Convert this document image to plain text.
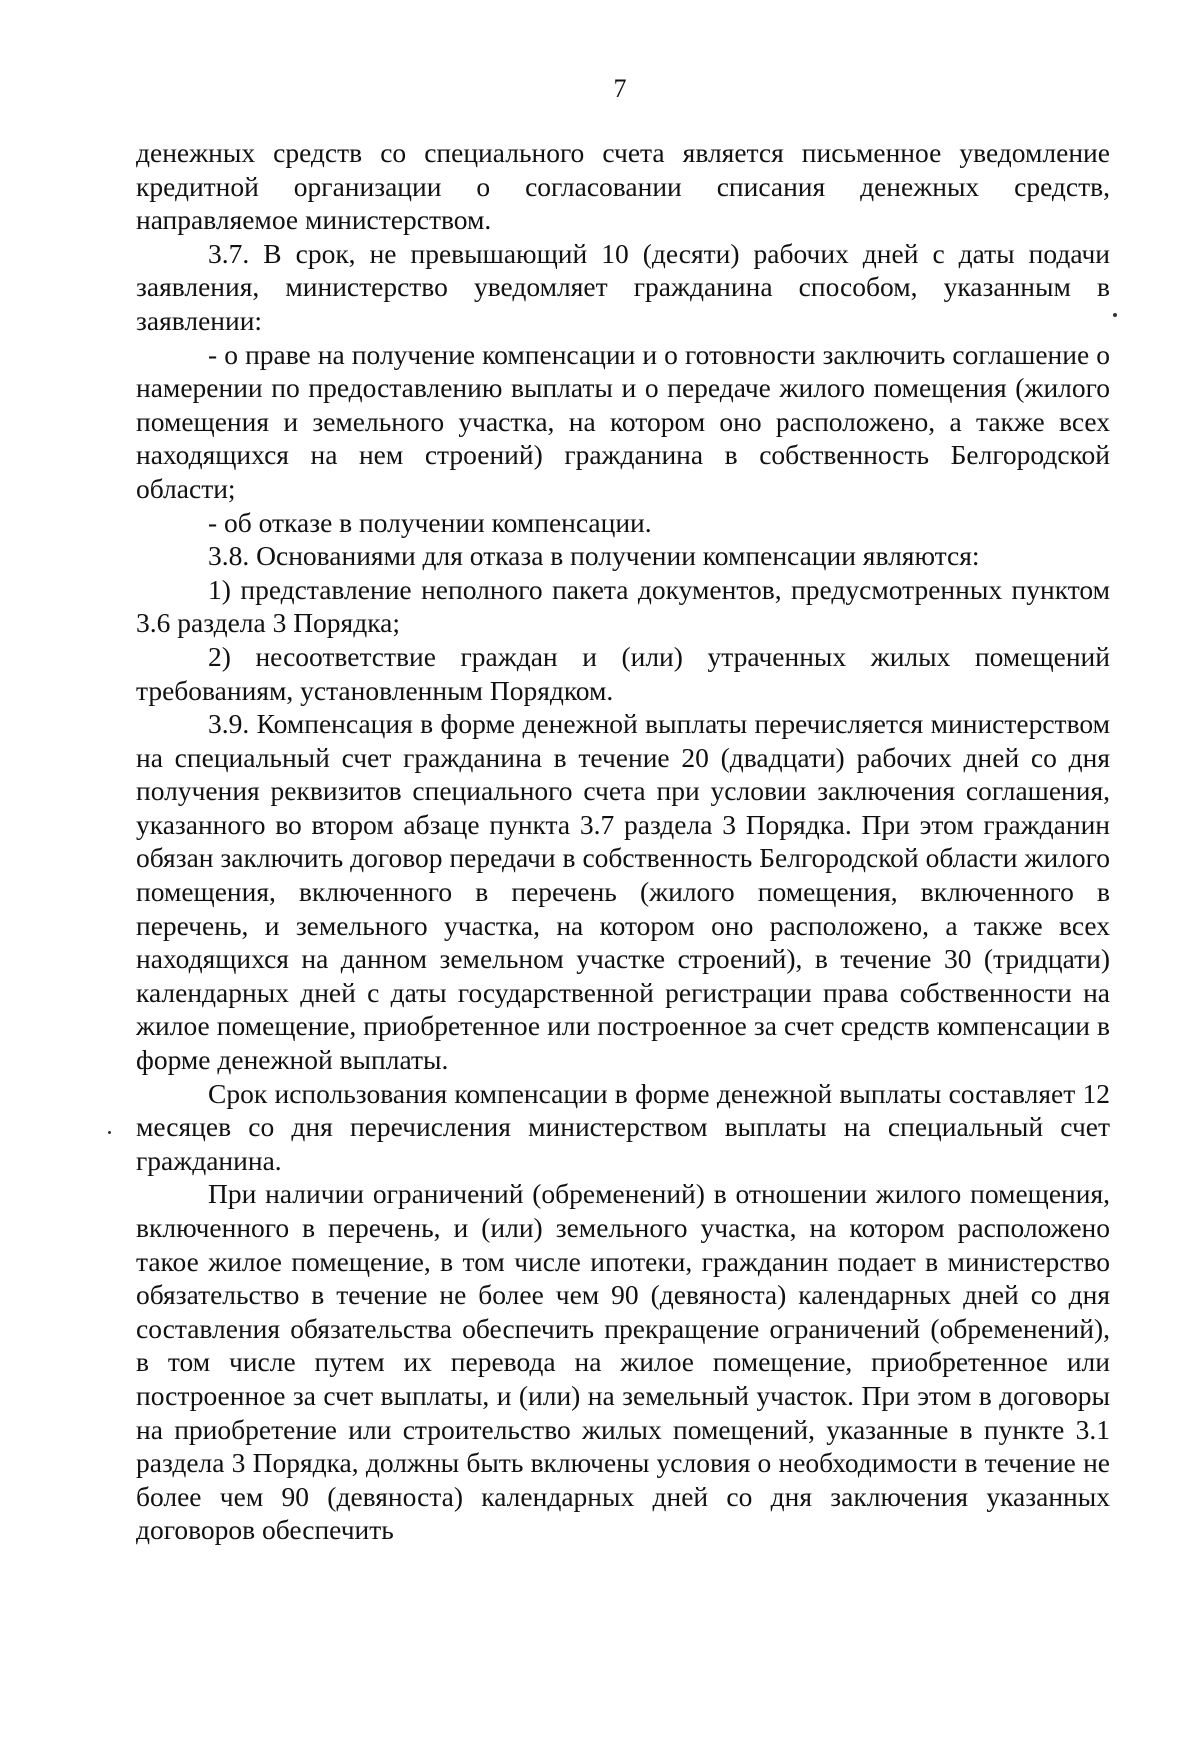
7

денежных средств со специального счета является письменное уведомление кредитной организации о согласовании списания денежных средств, направляемое министерством.

3.7. В срок, не превышающий 10 (десяти) рабочих дней с даты подачи заявления, министерство уведомляет гражданина способом, указанным в заявлении:

- о праве на получение компенсации и о готовности заключить соглашение о намерении по предоставлению выплаты и о передаче жилого помещения (жилого помещения и земельного участка, на котором оно расположено, а также всех находящихся на нем строений) гражданина в собственность Белгородской области;

- об отказе в получении компенсации.

3.8. Основаниями для отказа в получении компенсации являются:

1) представление неполного пакета документов, предусмотренных пунктом 3.6 раздела 3 Порядка;

2) несоответствие граждан и (или) утраченных жилых помещений требованиям, установленным Порядком.

3.9. Компенсация в форме денежной выплаты перечисляется министерством на специальный счет гражданина в течение 20 (двадцати) рабочих дней со дня получения реквизитов специального счета при условии заключения соглашения, указанного во втором абзаце пункта 3.7 раздела 3 Порядка. При этом гражданин обязан заключить договор передачи в собственность Белгородской области жилого помещения, включенного в перечень (жилого помещения, включенного в перечень, и земельного участка, на котором оно расположено, а также всех находящихся на данном земельном участке строений), в течение 30 (тридцати) календарных дней с даты государственной регистрации права собственности на жилое помещение, приобретенное или построенное за счет средств компенсации в форме денежной выплаты.

Срок использования компенсации в форме денежной выплаты составляет 12 месяцев со дня перечисления министерством выплаты на специальный счет гражданина.

При наличии ограничений (обременений) в отношении жилого помещения, включенного в перечень, и (или) земельного участка, на котором расположено такое жилое помещение, в том числе ипотеки, гражданин подает в министерство обязательство в течение не более чем 90 (девяноста) календарных дней со дня составления обязательства обеспечить прекращение ограничений (обременений), в том числе путем их перевода на жилое помещение, приобретенное или построенное за счет выплаты, и (или) на земельный участок. При этом в договоры на приобретение или строительство жилых помещений, указанные в пункте 3.1 раздела 3 Порядка, должны быть включены условия о необходимости в течение не более чем 90 (девяноста) календарных дней со дня заключения указанных договоров обеспечить
